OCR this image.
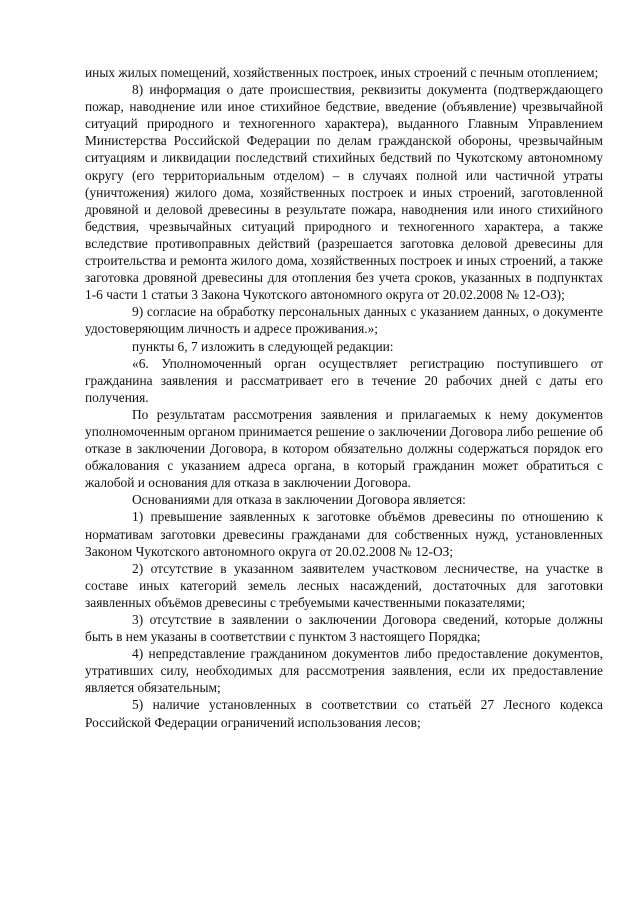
иных жилых помещений, хозяйственных построек, иных строений с печным отоплением;

8) информация о дате происшествия, реквизиты документа (подтверждающего пожар, наводнение или иное стихийное бедствие, введение (объявление) чрезвычайной ситуаций природного и техногенного характера), выданного Главным Управлением Министерства Российской Федерации по делам гражданской обороны, чрезвычайным ситуациям и ликвидации последствий стихийных бедствий по Чукотскому автономному округу (его территориальным отделом) – в случаях полной или частичной утраты (уничтожения) жилого дома, хозяйственных построек и иных строений, заготовленной дровяной и деловой древесины в результате пожара, наводнения или иного стихийного бедствия, чрезвычайных ситуаций природного и техногенного характера, а также вследствие противоправных действий (разрешается заготовка деловой древесины для строительства и ремонта жилого дома, хозяйственных построек и иных строений, а также заготовка дровяной древесины для отопления без учета сроков, указанных в подпунктах 1-6 части 1 статьи 3 Закона Чукотского автономного округа от 20.02.2008 № 12-ОЗ);

9) согласие на обработку персональных данных с указанием данных, о документе удостоверяющим личность и адресе проживания.»;

пункты 6, 7 изложить в следующей редакции:

«6. Уполномоченный орган осуществляет регистрацию поступившего от гражданина заявления и рассматривает его в течение 20 рабочих дней с даты его получения.

По результатам рассмотрения заявления и прилагаемых к нему документов уполномоченным органом принимается решение о заключении Договора либо решение об отказе в заключении Договора, в котором обязательно должны содержаться порядок его обжалования с указанием адреса органа, в который гражданин может обратиться с жалобой и основания для отказа в заключении Договора.

Основаниями для отказа в заключении Договора является:

1) превышение заявленных к заготовке объёмов древесины по отношению к нормативам заготовки древесины гражданами для собственных нужд, установленных Законом Чукотского автономного округа от 20.02.2008 № 12-ОЗ;

2) отсутствие в указанном заявителем участковом лесничестве, на участке в составе иных категорий земель лесных насаждений, достаточных для заготовки заявленных объёмов древесины с требуемыми качественными показателями;

3) отсутствие в заявлении о заключении Договора сведений, которые должны быть в нем указаны в соответствии с пунктом 3 настоящего Порядка;

4) непредставление гражданином документов либо предоставление документов, утративших силу, необходимых для рассмотрения заявления, если их предоставление является обязательным;

5) наличие установленных в соответствии со статьёй 27 Лесного кодекса Российской Федерации ограничений использования лесов;
